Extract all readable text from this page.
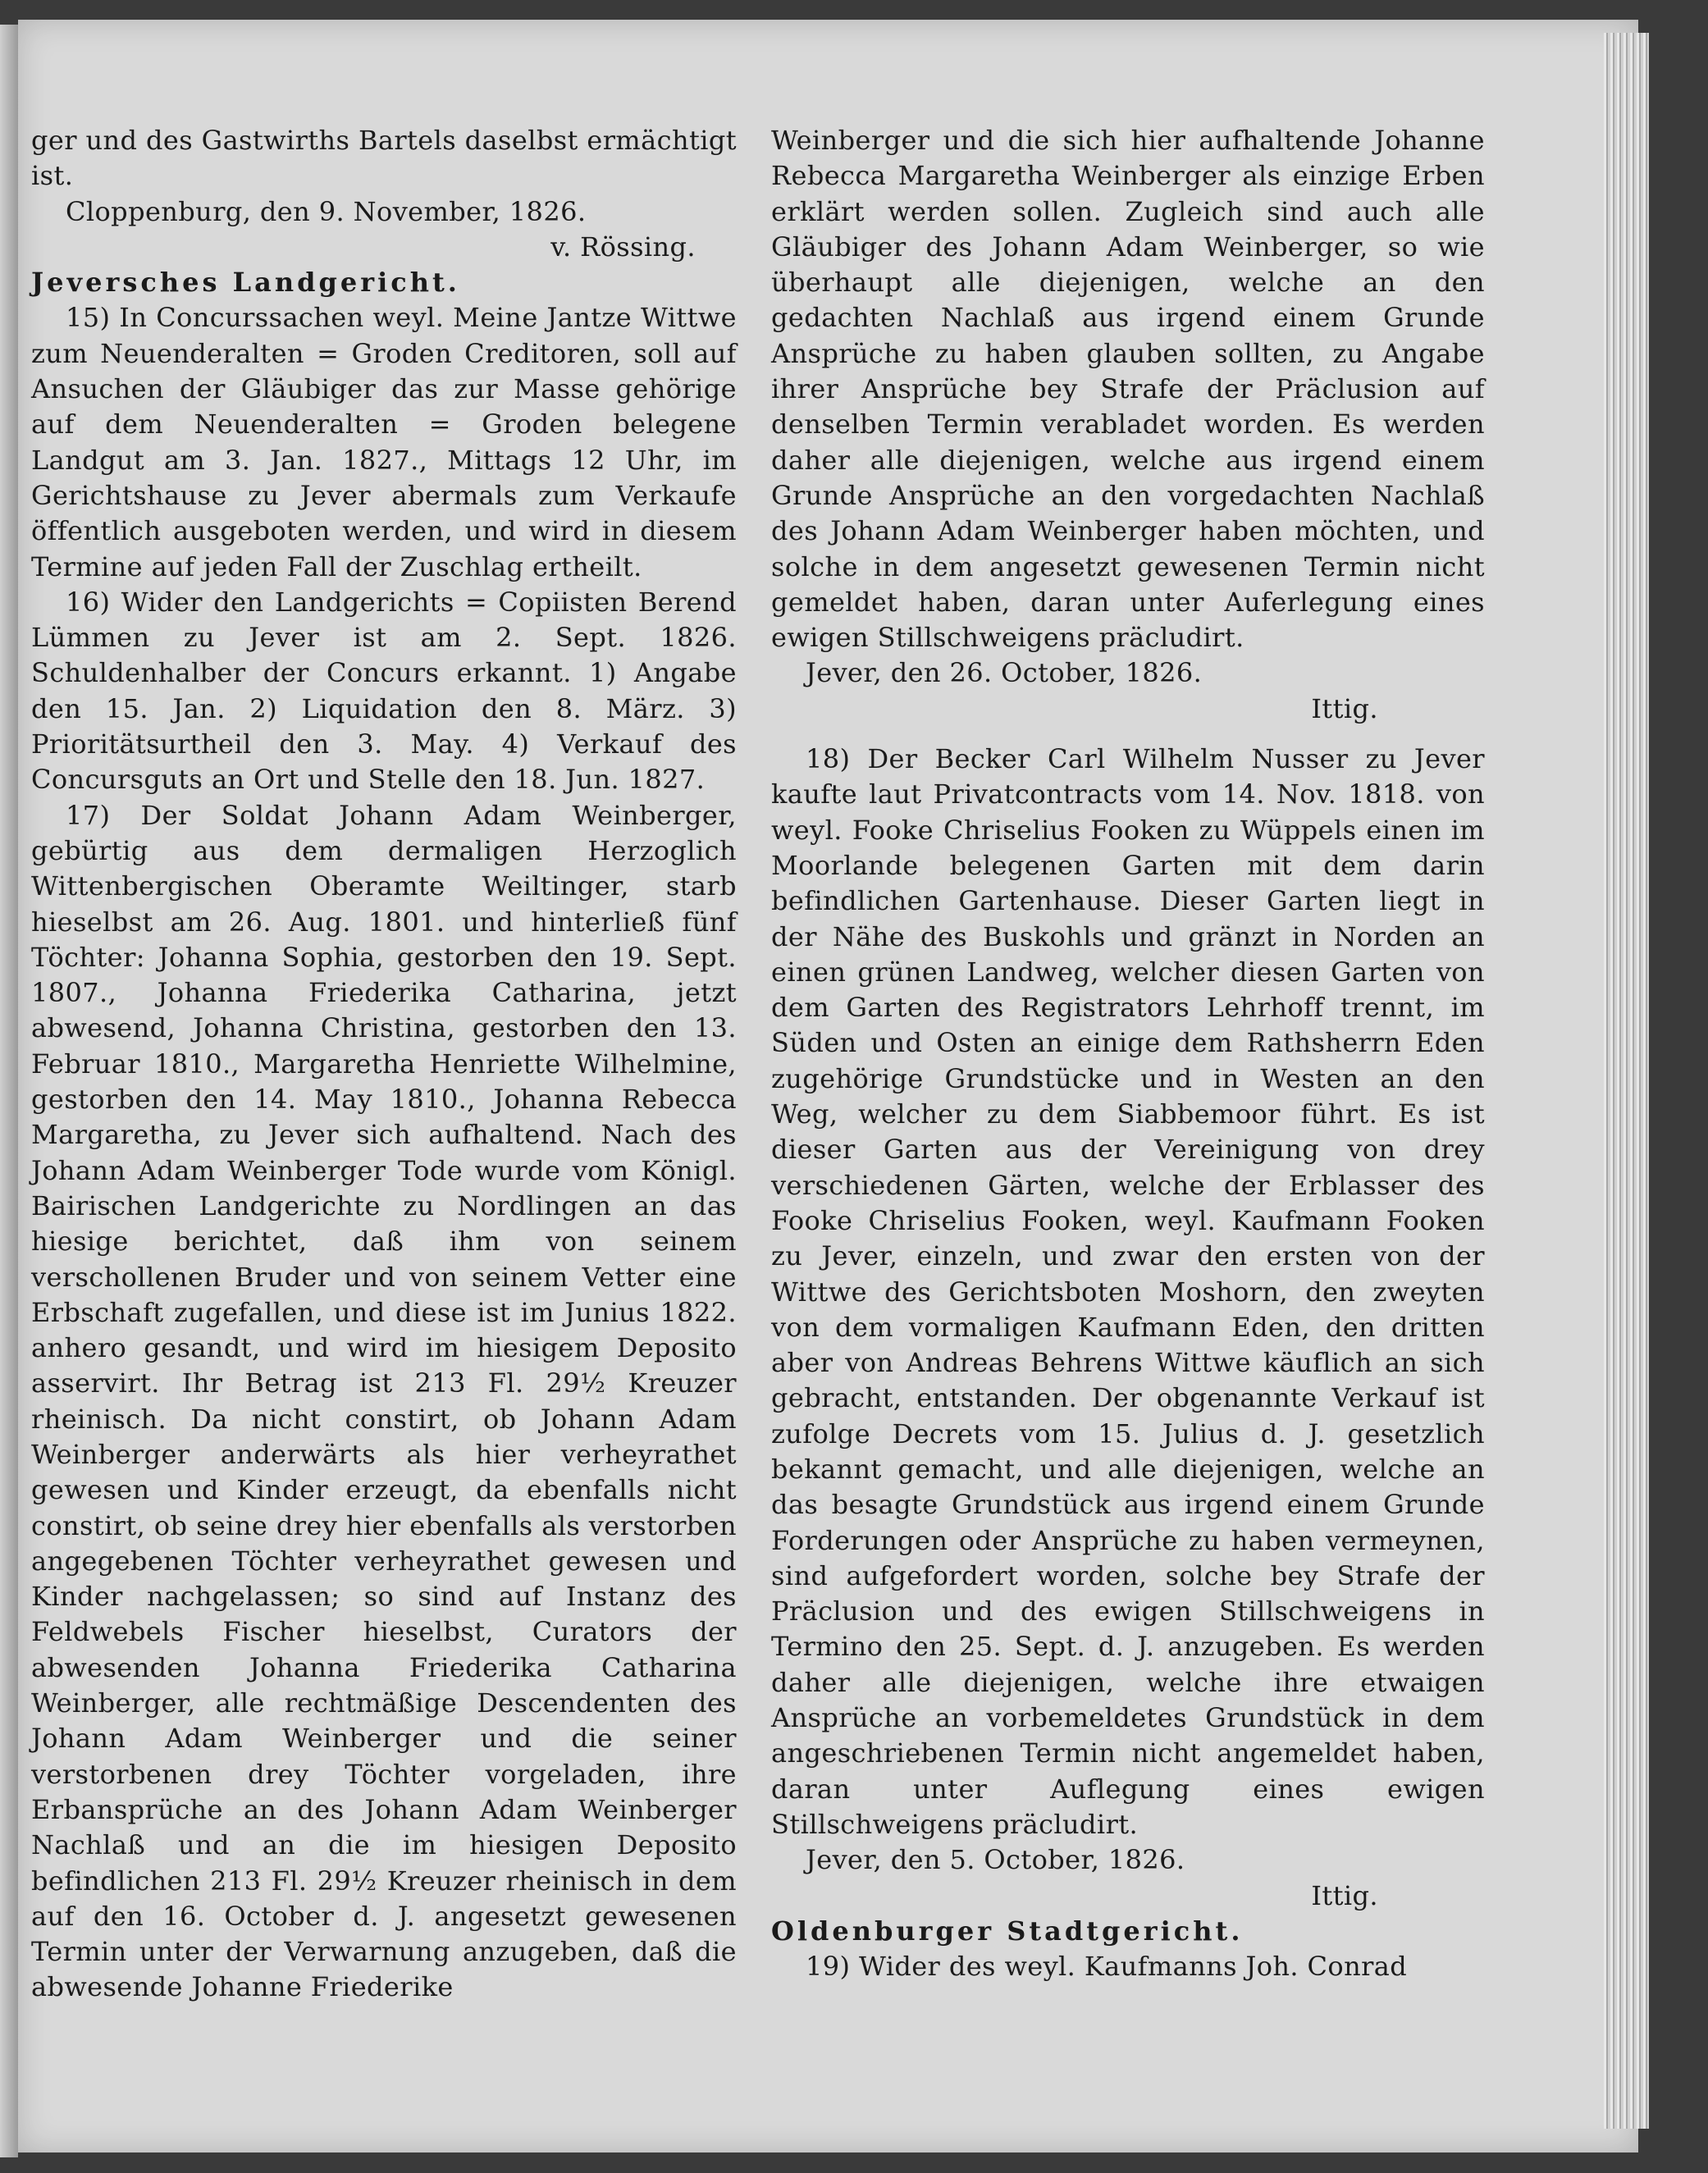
ger und des Gastwirths Bartels daselbst ermächtigt ist.

Cloppenburg, den 9. November, 1826.

v. Rössing.

Jeversches Landgericht.

15) In Concurssachen weyl. Meine Jantze Wittwe zum Neuenderalten = Groden Creditoren, soll auf Ansuchen der Gläubiger das zur Masse gehörige auf dem Neuenderalten = Groden belegene Landgut am 3. Jan. 1827., Mittags 12 Uhr, im Gerichtshause zu Jever abermals zum Verkaufe öffentlich ausgeboten werden, und wird in diesem Termine auf jeden Fall der Zuschlag ertheilt.

16) Wider den Landgerichts = Copiisten Berend Lümmen zu Jever ist am 2. Sept. 1826. Schuldenhalber der Concurs erkannt. 1) Angabe den 15. Jan. 2) Liquidation den 8. März. 3) Prioritätsurtheil den 3. May. 4) Verkauf des Concursguts an Ort und Stelle den 18. Jun. 1827.

17) Der Soldat Johann Adam Weinberger, gebürtig aus dem dermaligen Herzoglich Wittenbergischen Oberamte Weiltinger, starb hieselbst am 26. Aug. 1801. und hinterließ fünf Töchter: Johanna Sophia, gestorben den 19. Sept. 1807., Johanna Friederika Catharina, jetzt abwesend, Johanna Christina, gestorben den 13. Februar 1810., Margaretha Henriette Wilhelmine, gestorben den 14. May 1810., Johanna Rebecca Margaretha, zu Jever sich aufhaltend. Nach des Johann Adam Weinberger Tode wurde vom Königl. Bairischen Landgerichte zu Nordlingen an das hiesige berichtet, daß ihm von seinem verschollenen Bruder und von seinem Vetter eine Erbschaft zugefallen, und diese ist im Junius 1822. anhero gesandt, und wird im hiesigem Deposito asservirt. Ihr Betrag ist 213 Fl. 29½ Kreuzer rheinisch. Da nicht constirt, ob Johann Adam Weinberger anderwärts als hier verheyrathet gewesen und Kinder erzeugt, da ebenfalls nicht constirt, ob seine drey hier ebenfalls als verstorben angegebenen Töchter verheyrathet gewesen und Kinder nachgelassen; so sind auf Instanz des Feldwebels Fischer hieselbst, Curators der abwesenden Johanna Friederika Catharina Weinberger, alle rechtmäßige Descendenten des Johann Adam Weinberger und die seiner verstorbenen drey Töchter vorgeladen, ihre Erbansprüche an des Johann Adam Weinberger Nachlaß und an die im hiesigen Deposito befindlichen 213 Fl. 29½ Kreuzer rheinisch in dem auf den 16. October d. J. angesetzt gewesenen Termin unter der Verwarnung anzugeben, daß die abwesende Johanne Friederike

Weinberger und die sich hier aufhaltende Johanne Rebecca Margaretha Weinberger als einzige Erben erklärt werden sollen. Zugleich sind auch alle Gläubiger des Johann Adam Weinberger, so wie überhaupt alle diejenigen, welche an den gedachten Nachlaß aus irgend einem Grunde Ansprüche zu haben glauben sollten, zu Angabe ihrer Ansprüche bey Strafe der Präclusion auf denselben Termin verabladet worden. Es werden daher alle diejenigen, welche aus irgend einem Grunde Ansprüche an den vorgedachten Nachlaß des Johann Adam Weinberger haben möchten, und solche in dem angesetzt gewesenen Termin nicht gemeldet haben, daran unter Auferlegung eines ewigen Stillschweigens präcludirt.

Jever, den 26. October, 1826.

Ittig.

18) Der Becker Carl Wilhelm Nusser zu Jever kaufte laut Privatcontracts vom 14. Nov. 1818. von weyl. Fooke Chriselius Fooken zu Wüppels einen im Moorlande belegenen Garten mit dem darin befindlichen Gartenhause. Dieser Garten liegt in der Nähe des Buskohls und gränzt in Norden an einen grünen Landweg, welcher diesen Garten von dem Garten des Registrators Lehrhoff trennt, im Süden und Osten an einige dem Rathsherrn Eden zugehörige Grundstücke und in Westen an den Weg, welcher zu dem Siabbemoor führt. Es ist dieser Garten aus der Vereinigung von drey verschiedenen Gärten, welche der Erblasser des Fooke Chriselius Fooken, weyl. Kaufmann Fooken zu Jever, einzeln, und zwar den ersten von der Wittwe des Gerichtsboten Moshorn, den zweyten von dem vormaligen Kaufmann Eden, den dritten aber von Andreas Behrens Wittwe käuflich an sich gebracht, entstanden. Der obgenannte Verkauf ist zufolge Decrets vom 15. Julius d. J. gesetzlich bekannt gemacht, und alle diejenigen, welche an das besagte Grundstück aus irgend einem Grunde Forderungen oder Ansprüche zu haben vermeynen, sind aufgefordert worden, solche bey Strafe der Präclusion und des ewigen Stillschweigens in Termino den 25. Sept. d. J. anzugeben. Es werden daher alle diejenigen, welche ihre etwaigen Ansprüche an vorbemeldetes Grundstück in dem angeschriebenen Termin nicht angemeldet haben, daran unter Auflegung eines ewigen Stillschweigens präcludirt.

Jever, den 5. October, 1826.

Ittig.

Oldenburger Stadtgericht.

19) Wider des weyl. Kaufmanns Joh. Conrad
